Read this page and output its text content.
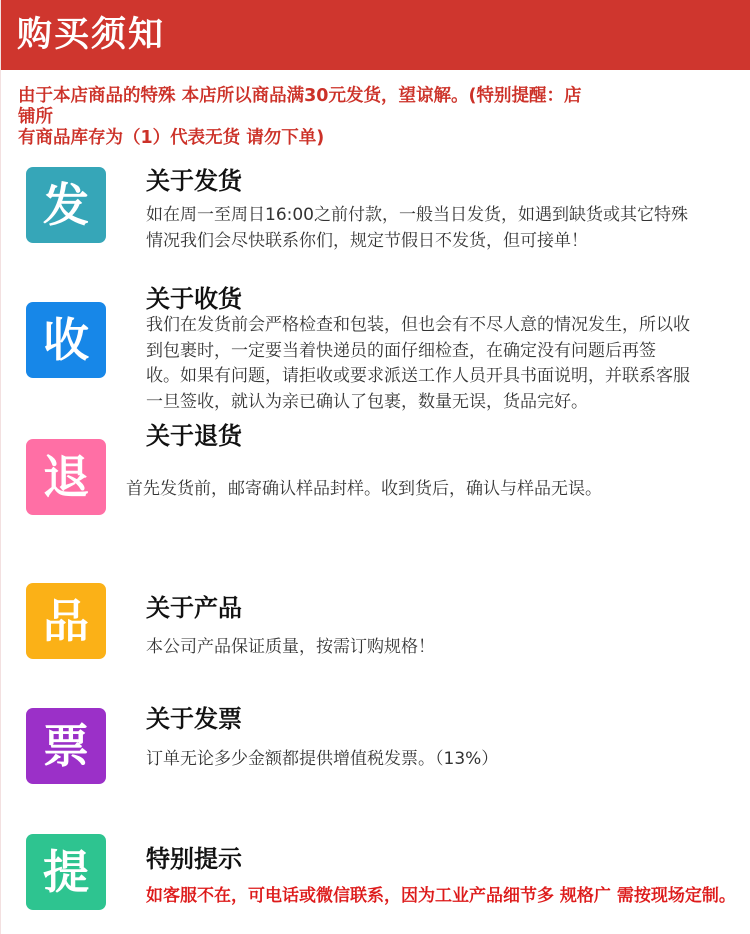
购买须知
由于本店商品的特殊 本店所以商品满30元发货，望谅解。(特别提醒：店铺所
有商品库存为（1）代表无货 请勿下单)
发	关于发货
如在周一至周日16:00之前付款，一般当日发货，如遇到缺货或其它特殊
情况我们会尽快联系你们，规定节假日不发货，但可接单！
收
关于收货
我们在发货前会严格检查和包装，但也会有不尽人意的情况发生，所以收
到包裹时，一定要当着快递员的面仔细检查，在确定没有问题后再签
收。如果有问题，请拒收或要求派送工作人员开具书面说明，并联系客服
一旦签收，就认为亲已确认了包裹，数量无误，货品完好。
退
关于退货
首先发货前，邮寄确认样品封样。收到货后，确认与样品无误。
品	关于产品
本公司产品保证质量，按需订购规格！
票	关于发票
订单无论多少金额都提供增值税发票。（13%）
提	特别提示
如客服不在，可电话或微信联系，因为工业产品细节多 规格广 需按现场定制。
